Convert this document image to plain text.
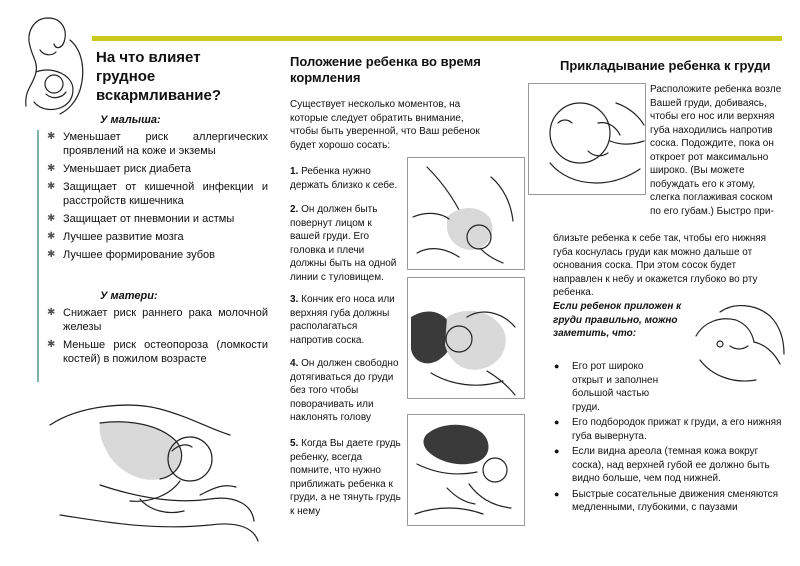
На что влияет грудное вскармливание?
У малыша:
✱ Уменьшает риск аллергических проявлений на коже и экземы
✱ Уменьшает риск диабета
✱ Защищает от кишечной инфекции и расстройств кишечника
✱ Защищает от пневмонии и астмы
✱ Лучшее развитие мозга
✱ Лучшее формирование зубов
У матери:
✱ Снижает риск раннего рака молочной железы
✱ Меньше риск остеопороза (ломкости костей) в пожилом возрасте
Положение ребенка во время кормления
Существует несколько моментов, на которые следует обратить внимание, чтобы быть уверенной, что Ваш ребенок будет хорошо сосать:
1. Ребенка нужно держать близко к себе.
2. Он должен быть повернут лицом к вашей груди. Его головка и плечи должны быть на одной линии с туловищем.
3. Кончик его носа или верхняя губа должны располагаться напротив соска.
4. Он должен свободно дотягиваться до груди без того чтобы поворачивать или наклонять голову
5. Когда Вы даете грудь ребенку, всегда помните, что нужно приближать ребенка к груди, а не тянуть грудь к нему
Прикладывание ребенка к груди
Расположите ребенка возле Вашей груди, добиваясь, чтобы его нос или верхняя губа находились напротив соска. Подождите, пока он откроет рот максимально широко. (Вы можете побуждать его к этому, слегка поглаживая соском по его губам.) Быстро при-
близьте ребенка к себе так, чтобы его нижняя губа коснулась груди как можно дальше от основания соска. При этом сосок будет направлен к небу и окажется глубоко во рту ребенка.
Если ребенок приложен к груди правильно, можно заметить, что:
● Его рот широко открыт и заполнен большой частью груди.
● Его подбородок прижат к груди, а его нижняя губа вывернута.
● Если видна ареола (темная кожа вокруг соска), над верхней губой ее должно быть видно больше, чем под нижней.
● Быстрые сосательные движения сменяются медленными, глубокими, с паузами
